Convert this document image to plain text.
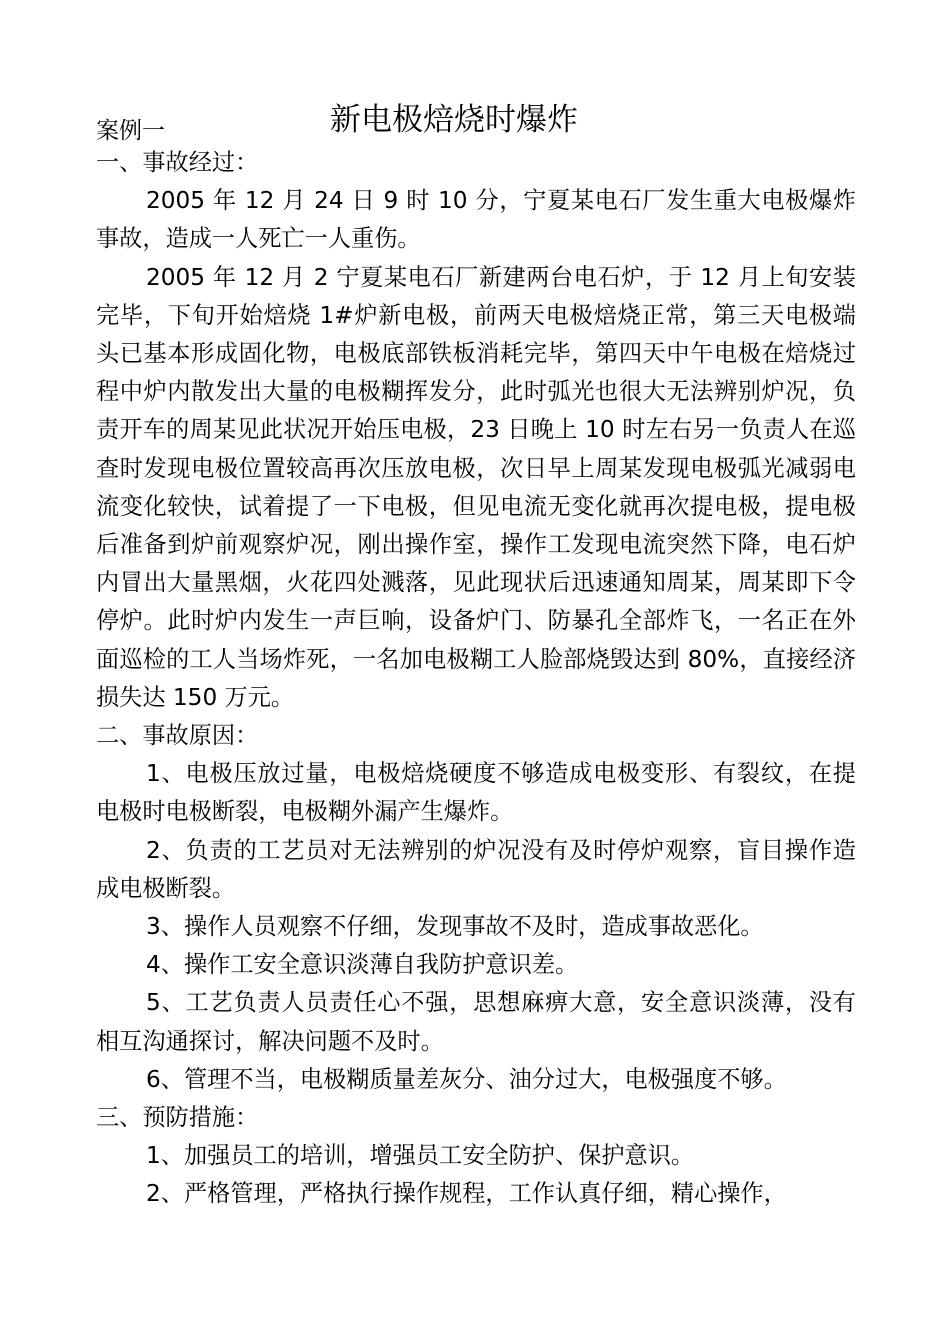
案例一	新电极焙烧时爆炸

一、事故经过：

2005 年 12 月 24 日 9 时 10 分，宁夏某电石厂发生重大电极爆炸事故，造成一人死亡一人重伤。

2005 年 12 月 2 宁夏某电石厂新建两台电石炉，于 12 月上旬安装完毕，下旬开始焙烧 1#炉新电极，前两天电极焙烧正常，第三天电极端头已基本形成固化物，电极底部铁板消耗完毕，第四天中午电极在焙烧过程中炉内散发出大量的电极糊挥发分，此时弧光也很大无法辨别炉况，负责开车的周某见此状况开始压电极，23 日晚上 10 时左右另一负责人在巡查时发现电极位置较高再次压放电极，次日早上周某发现电极弧光减弱电流变化较快，试着提了一下电极，但见电流无变化就再次提电极，提电极后准备到炉前观察炉况，刚出操作室，操作工发现电流突然下降，电石炉内冒出大量黑烟，火花四处溅落，见此现状后迅速通知周某，周某即下令停炉。此时炉内发生一声巨响，设备炉门、防暴孔全部炸飞，一名正在外面巡检的工人当场炸死，一名加电极糊工人脸部烧毁达到 80%，直接经济损失达 150 万元。

二、事故原因：

1、电极压放过量，电极焙烧硬度不够造成电极变形、有裂纹，在提电极时电极断裂，电极糊外漏产生爆炸。

2、负责的工艺员对无法辨别的炉况没有及时停炉观察，盲目操作造成电极断裂。

3、操作人员观察不仔细，发现事故不及时，造成事故恶化。

4、操作工安全意识淡薄自我防护意识差。

5、工艺负责人员责任心不强，思想麻痹大意，安全意识淡薄，没有相互沟通探讨，解决问题不及时。

6、管理不当，电极糊质量差灰分、油分过大，电极强度不够。

三、预防措施：

1、加强员工的培训，增强员工安全防护、保护意识。

2、严格管理，严格执行操作规程，工作认真仔细，精心操作，
